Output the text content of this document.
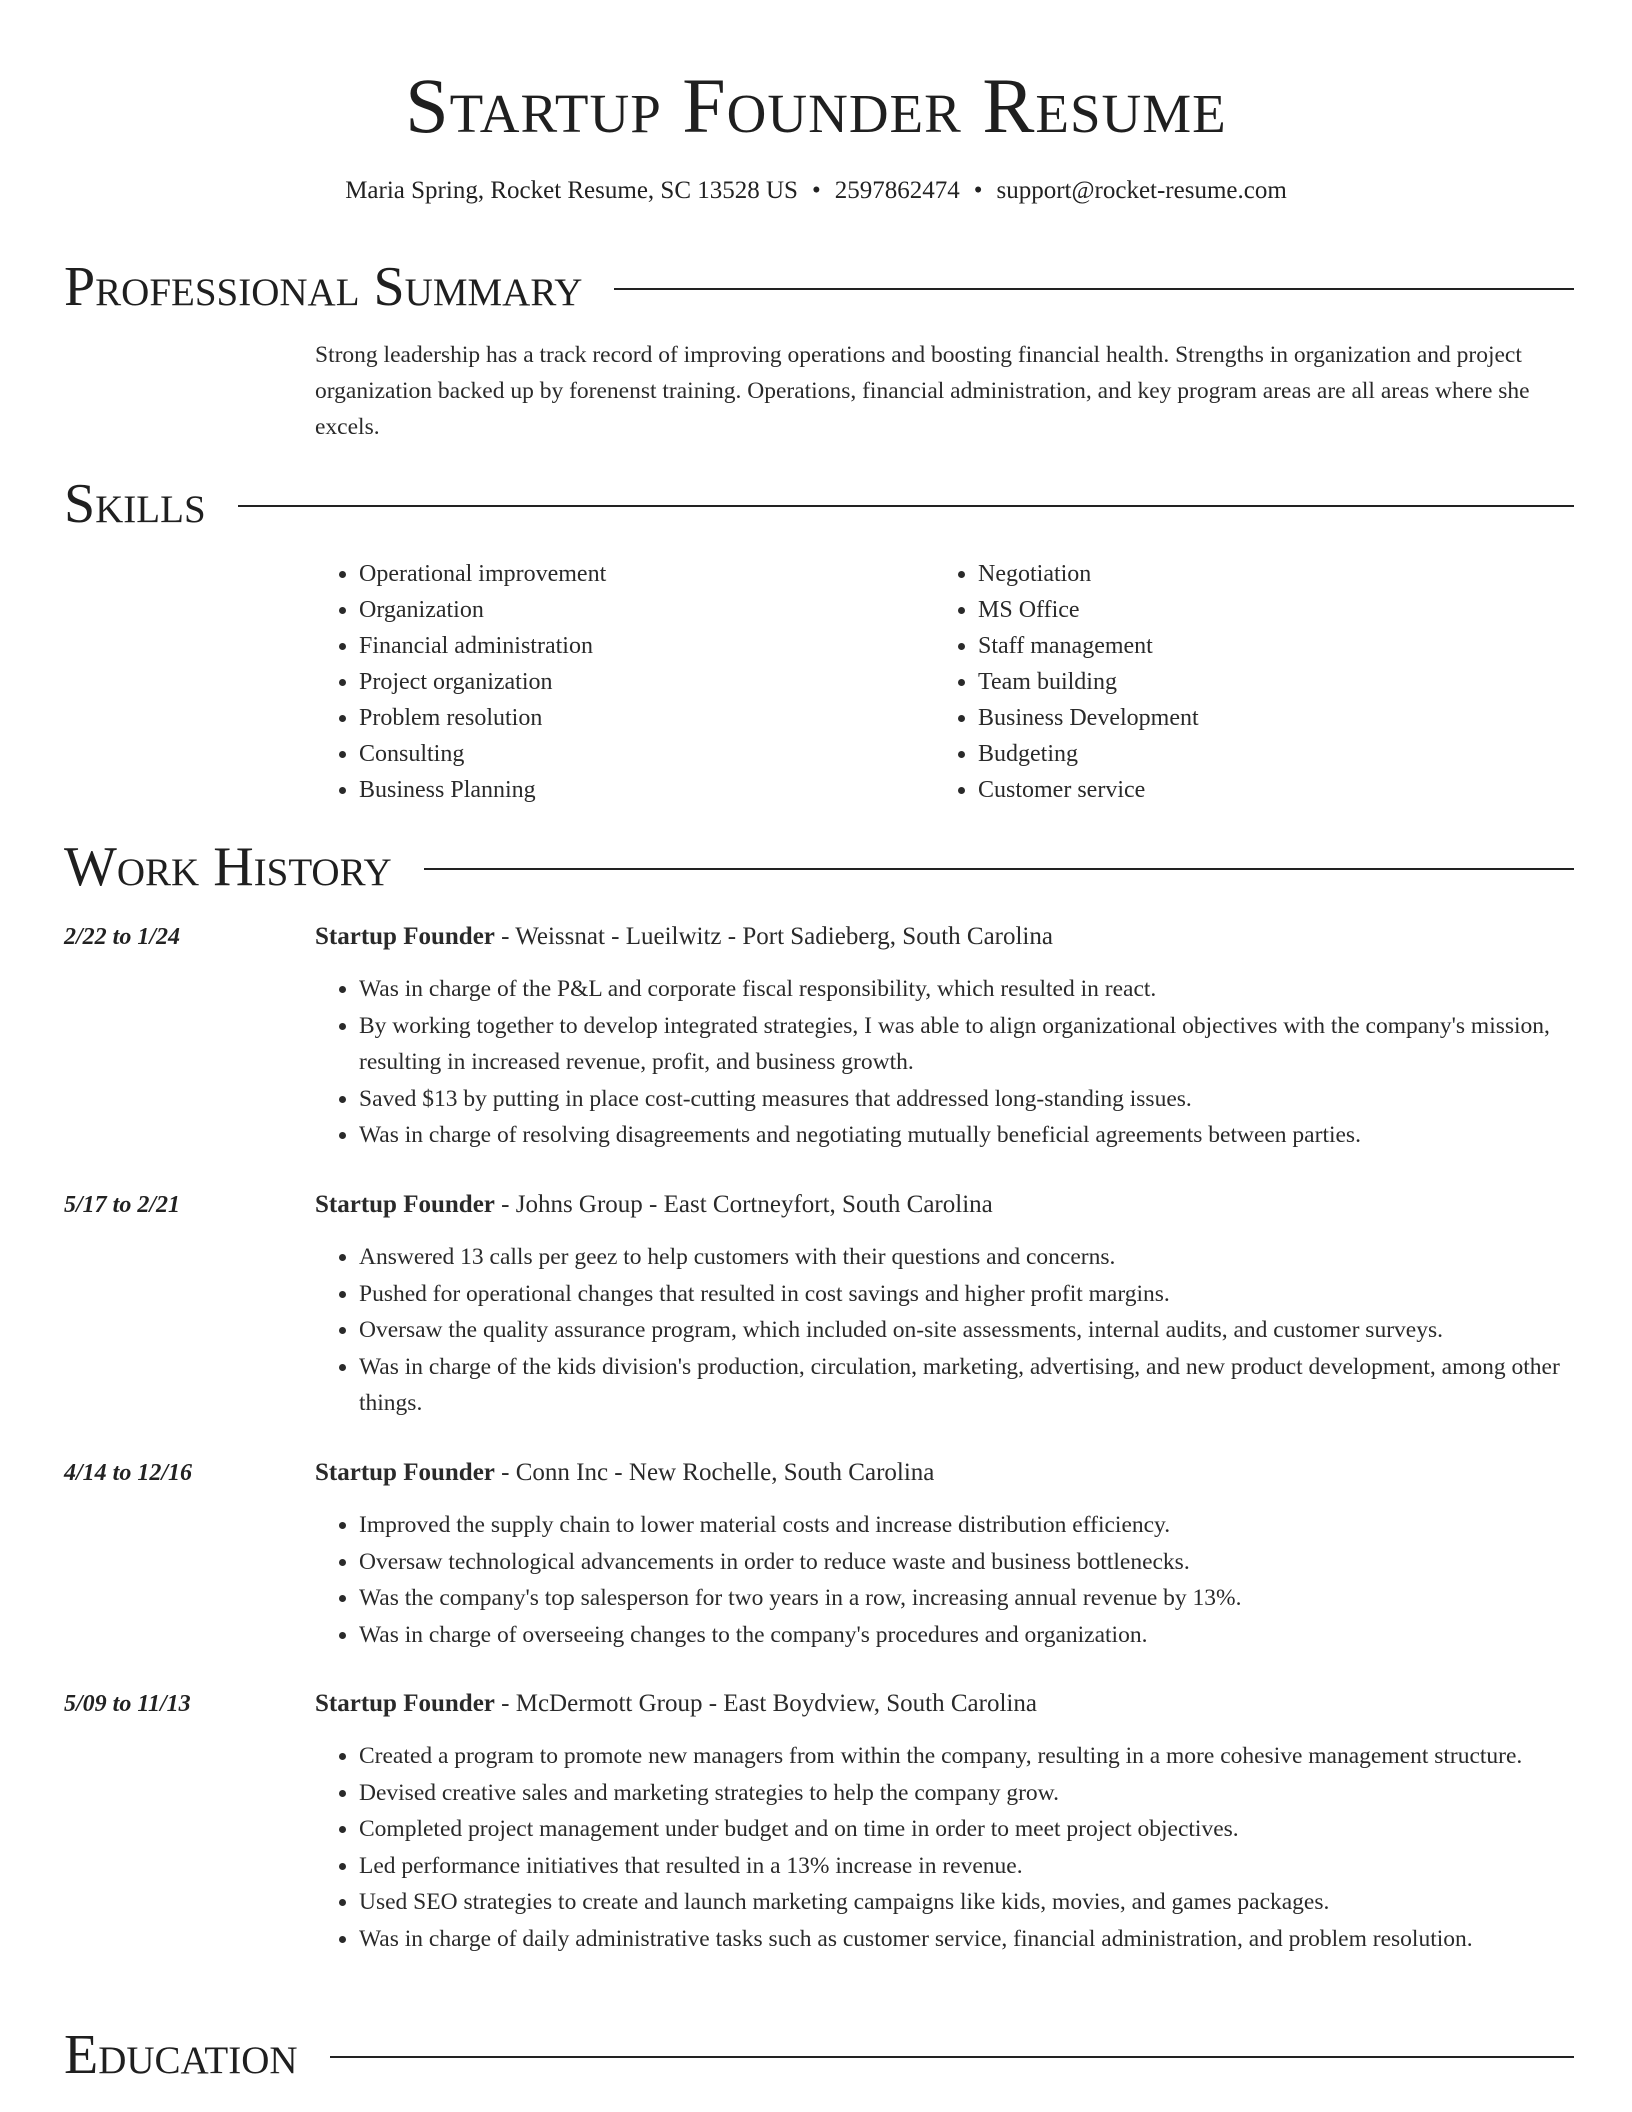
Startup Founder Resume
Maria Spring, Rocket Resume, SC 13528 US • 2597862474 • support@rocket-resume.com
Professional Summary
Strong leadership has a track record of improving operations and boosting financial health. Strengths in organization and project organization backed up by forenenst training. Operations, financial administration, and key program areas are all areas where she excels.
Skills
• Operational improvement
• Organization
• Financial administration
• Project organization
• Problem resolution
• Consulting
• Business Planning
• Negotiation
• MS Office
• Staff management
• Team building
• Business Development
• Budgeting
• Customer service
Work History
2/22 to 1/24	Startup Founder - Weissnat - Lueilwitz - Port Sadieberg, South Carolina
• Was in charge of the P&L and corporate fiscal responsibility, which resulted in react.
• By working together to develop integrated strategies, I was able to align organizational objectives with the company's mission, resulting in increased revenue, profit, and business growth.
• Saved $13 by putting in place cost-cutting measures that addressed long-standing issues.
• Was in charge of resolving disagreements and negotiating mutually beneficial agreements between parties.
5/17 to 2/21	Startup Founder - Johns Group - East Cortneyfort, South Carolina
• Answered 13 calls per geez to help customers with their questions and concerns.
• Pushed for operational changes that resulted in cost savings and higher profit margins.
• Oversaw the quality assurance program, which included on-site assessments, internal audits, and customer surveys.
• Was in charge of the kids division's production, circulation, marketing, advertising, and new product development, among other things.
4/14 to 12/16	Startup Founder - Conn Inc - New Rochelle, South Carolina
• Improved the supply chain to lower material costs and increase distribution efficiency.
• Oversaw technological advancements in order to reduce waste and business bottlenecks.
• Was the company's top salesperson for two years in a row, increasing annual revenue by 13%.
• Was in charge of overseeing changes to the company's procedures and organization.
5/09 to 11/13	Startup Founder - McDermott Group - East Boydview, South Carolina
• Created a program to promote new managers from within the company, resulting in a more cohesive management structure.
• Devised creative sales and marketing strategies to help the company grow.
• Completed project management under budget and on time in order to meet project objectives.
• Led performance initiatives that resulted in a 13% increase in revenue.
• Used SEO strategies to create and launch marketing campaigns like kids, movies, and games packages.
• Was in charge of daily administrative tasks such as customer service, financial administration, and problem resolution.
Education
